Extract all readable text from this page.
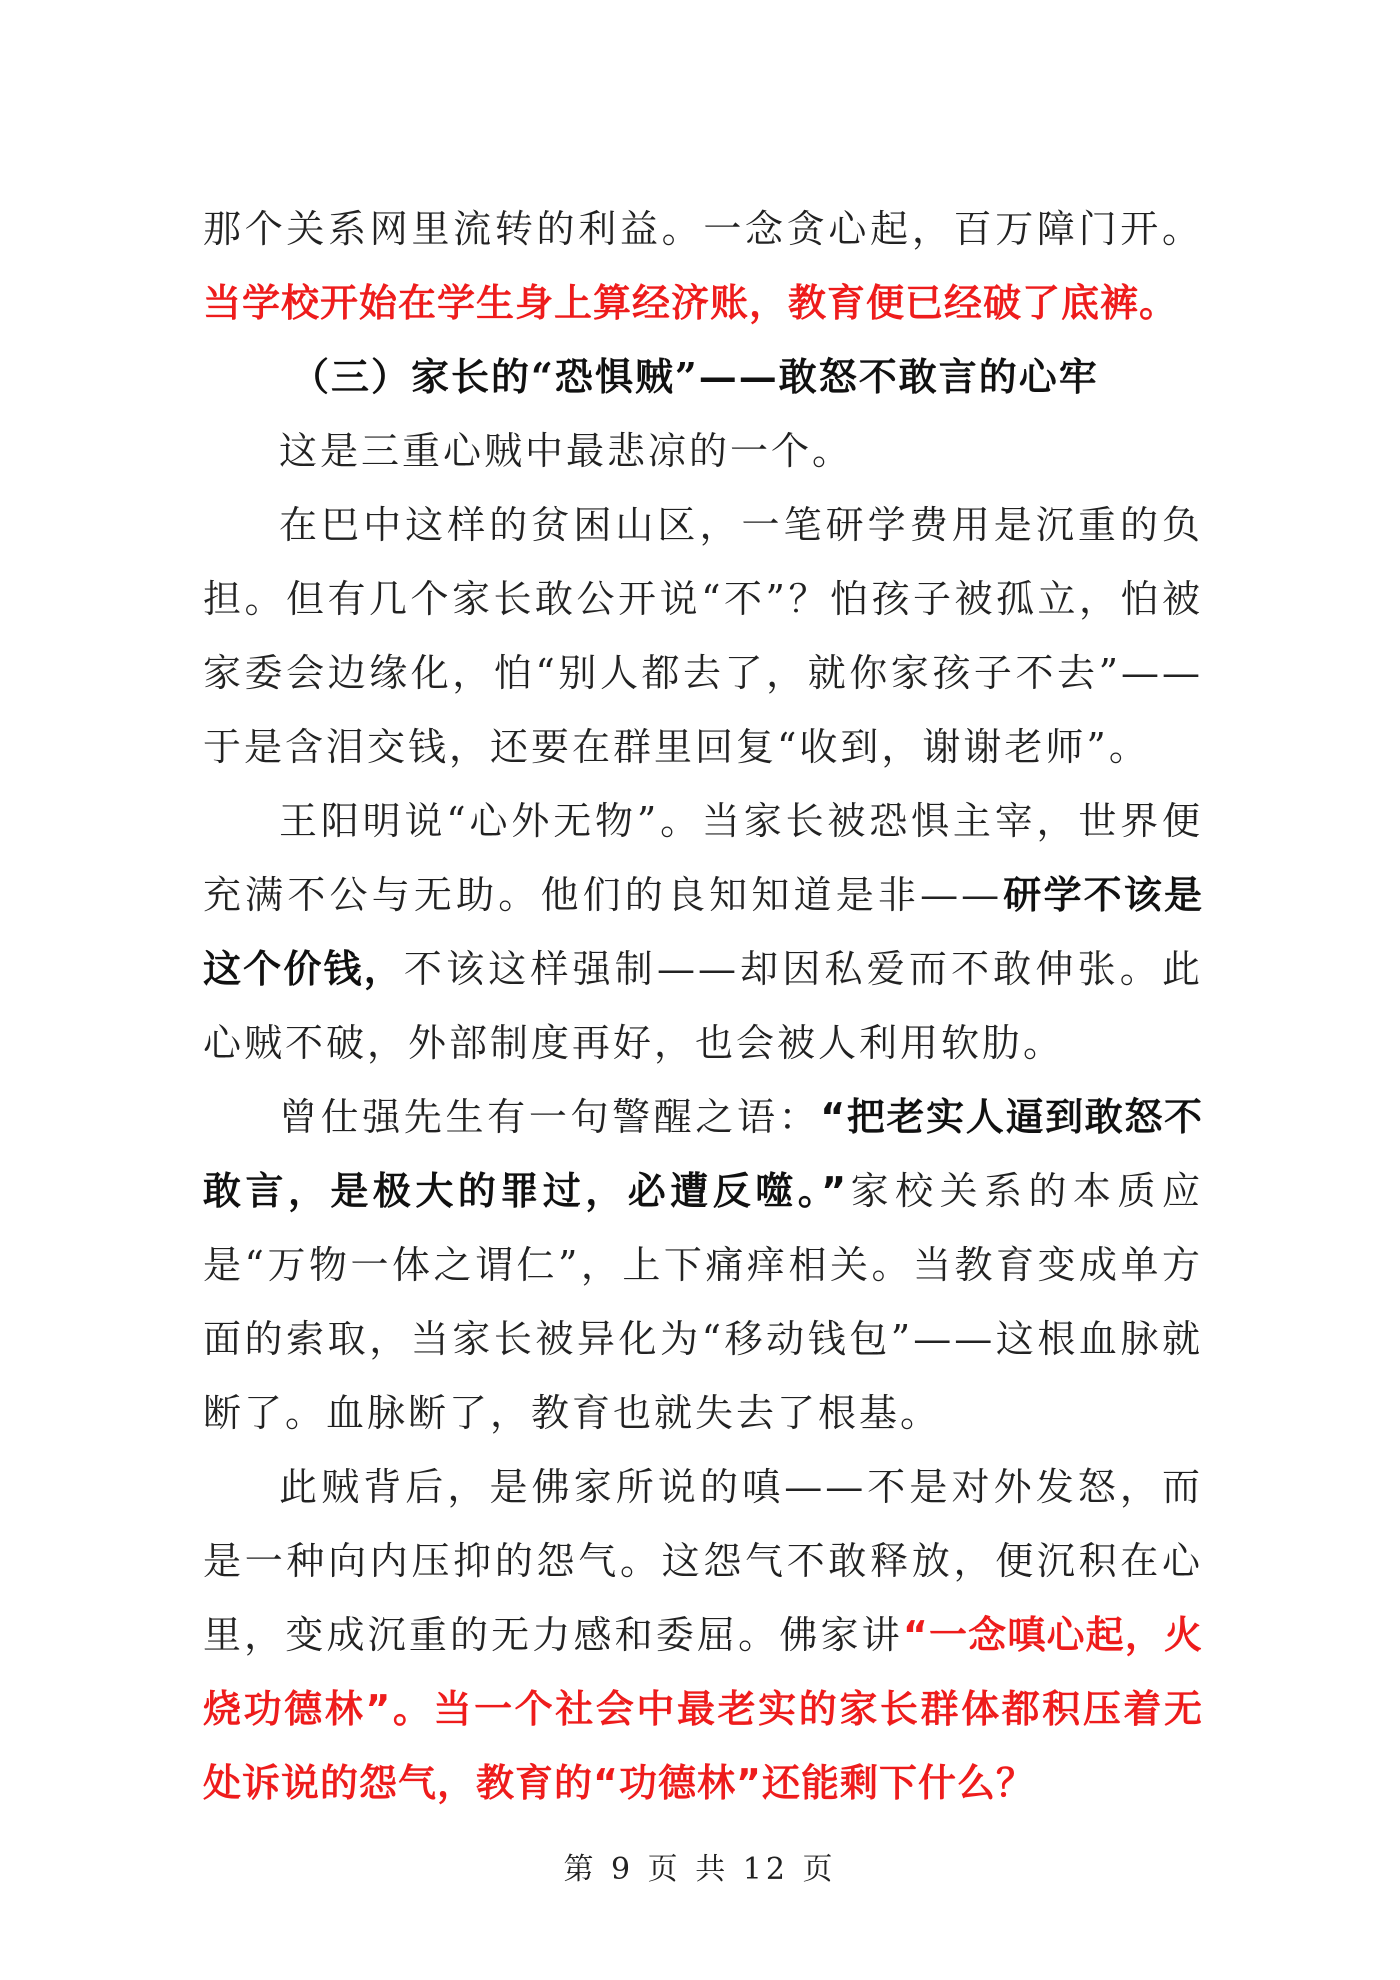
那个关系网里流转的利益。一念贪心起，百万障门开。当学校开始在学生身上算经济账，教育便已经破了底裤。

（三）家长的“恐惧贼”——敢怒不敢言的心牢

这是三重心贼中最悲凉的一个。

在巴中这样的贫困山区，一笔研学费用是沉重的负担。但有几个家长敢公开说“不”？怕孩子被孤立，怕被家委会边缘化，怕“别人都去了，就你家孩子不去”——于是含泪交钱，还要在群里回复“收到，谢谢老师”。

王阳明说“心外无物”。当家长被恐惧主宰，世界便充满不公与无助。他们的良知知道是非——研学不该是这个价钱，不该这样强制——却因私爱而不敢伸张。此心贼不破，外部制度再好，也会被人利用软肋。

曾仕强先生有一句警醒之语：“把老实人逼到敢怒不敢言，是极大的罪过，必遭反噬。”家校关系的本质应是“万物一体之谓仁”，上下痛痒相关。当教育变成单方面的索取，当家长被异化为“移动钱包”——这根血脉就断了。血脉断了，教育也就失去了根基。

此贼背后，是佛家所说的嗔——不是对外发怒，而是一种向内压抑的怨气。这怨气不敢释放，便沉积在心里，变成沉重的无力感和委屈。佛家讲“一念嗔心起，火烧功德林”。当一个社会中最老实的家长群体都积压着无处诉说的怨气，教育的“功德林”还能剩下什么？

第 9 页 共 12 页
